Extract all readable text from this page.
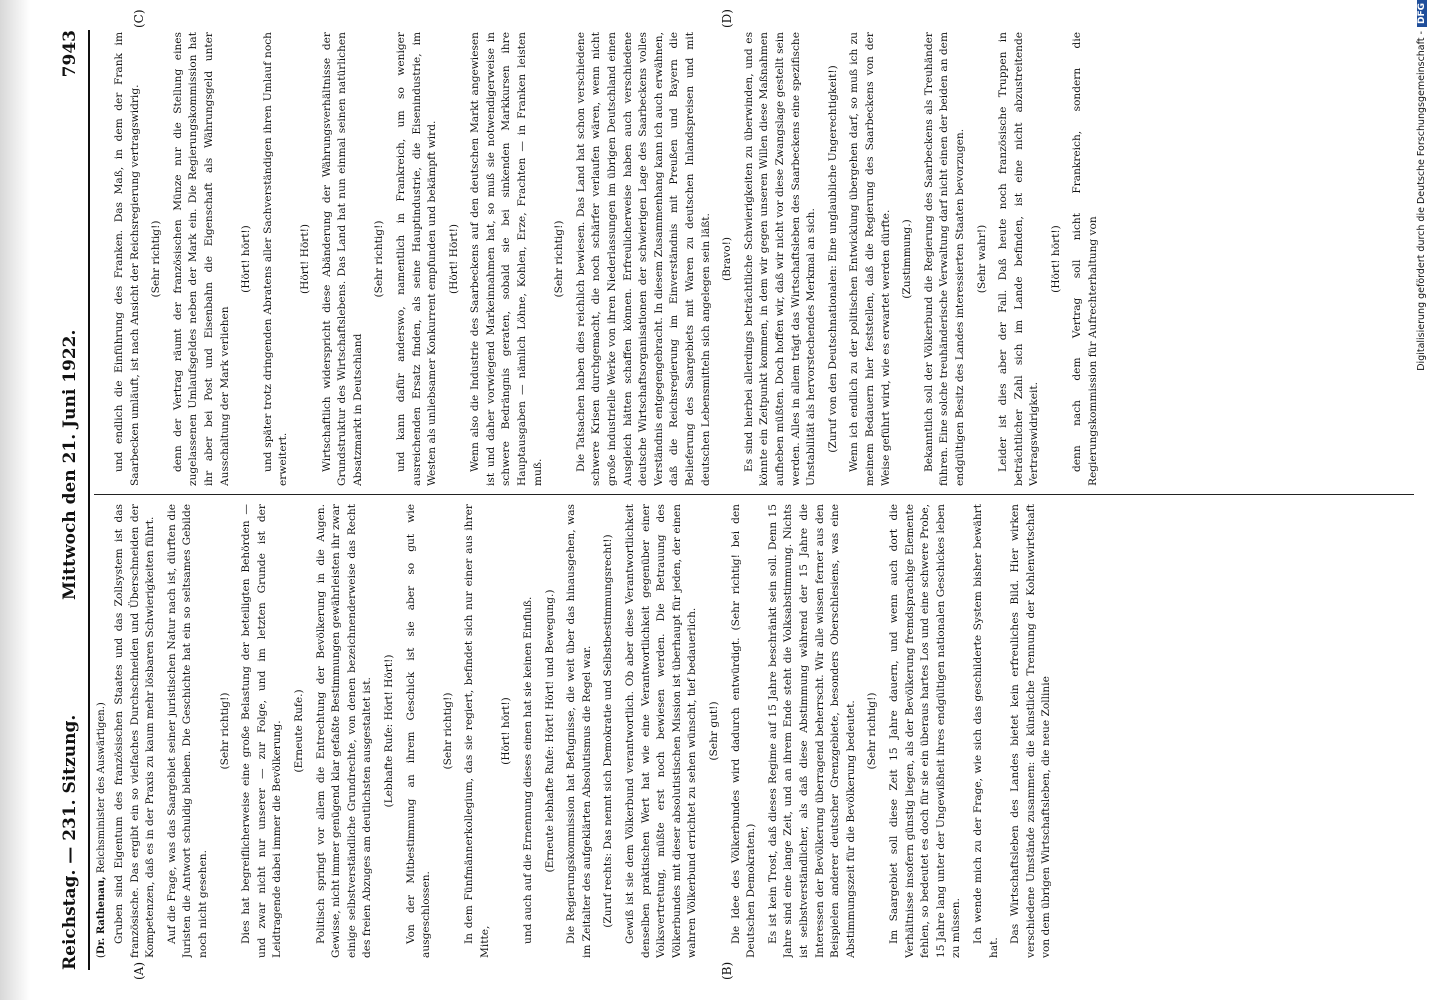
Reichstag. — 231. Sitzung.
Mittwoch den 21. Juni 1922.
7943
(Dr. Rathenau, Reichsminister des Auswärtigen.) Gruben sind Eigentum des französischen Staates und das Zollsystem ist das französische. Das ergibt ein so vielfaches Durchschneiden und Überschneiden der Kompetenzen, daß es in der Praxis zu kaum mehr lösbaren Schwierigkeiten führt. Auf die Frage, was das Saargebiet seiner juristischen Natur nach ist, dürften die Juristen die Antwort schuldig bleiben. Die Geschichte hat ein so seltsames Gebilde noch nicht gesehen.

(Sehr richtig!) Dies hat begreiflicherweise eine große Belastung der beteiligten Behörden — und zwar nicht nur unserer — zur Folge, und im letzten Grunde ist der Leidtragende dabei immer die Bevölkerung. (Erneute Rufe.) Politisch springt vor allem die Entrechtung der Bevölkerung in die Augen. Gewisse, nicht immer genügend klar gefaßte Bestimmungen gewährleisten ihr zwar einige selbstverständliche Grundrechte, von denen bezeichnenderweise das Recht des freien Abzuges am deutlichsten ausgestaltet ist. (Lebhafte Rufe: Hört! Hört!) Von der Mitbestimmung an ihrem Geschick ist sie aber so gut wie ausgeschlossen.

(Sehr richtig!) In dem Fünfmännerkollegium, das sie regiert, befindet sich nur einer aus ihrer Mitte,

(Hört! hört!) und auch auf die Ernennung dieses einen hat sie keinen Einfluß. (Erneute lebhafte Rufe: Hört! Hört! und Bewegung.) Die Regierungskommission hat Befugnisse, die weit über das hinausgehen, was im Zeitalter des aufgeklärten Absolutismus die Regel war. (Zuruf rechts: Das nennt sich Demokratie und Selbstbestimmungsrecht!) Gewiß ist sie dem Völkerbund verantwortlich. Ob aber diese Verantwortlichkeit denselben praktischen Wert hat wie eine Verantwortlichkeit gegenüber einer Volksvertretung, müßte erst noch bewiesen werden. Die Betrauung des Völkerbundes mit dieser absolutistischen Mission ist überhaupt für jeden, der einen wahren Völkerbund errichtet zu sehen wünscht, tief bedauerlich. (Sehr gut!) Die Idee des Völkerbundes wird dadurch entwürdigt. (Sehr richtig! bei den Deutschen Demokraten.) Es ist kein Trost, daß dieses Regime auf 15 Jahre beschränkt sein soll. Denn 15 Jahre sind eine lange Zeit, und an ihrem Ende steht die Volksabstimmung. Nichts ist selbstverständlicher, als daß diese Abstimmung während der 15 Jahre die Interessen der Bevölkerung überragend beherrscht. Wir alle wissen ferner aus den Beispielen anderer deutscher Grenzgebiete, besonders Oberschlesiens, was eine Abstimmungszeit für die Bevölkerung bedeutet. (Sehr richtig!) Im Saargebiet soll diese Zeit 15 Jahre dauern, und wenn auch dort die Verhältnisse insofern günstig liegen, als der Bevölkerung fremdsprachige Elemente fehlen, so bedeutet es doch für sie ein überaus hartes Los und eine schwere Probe, 15 Jahre lang unter der Ungewißheit ihres endgültigen nationalen Geschickes leben zu müssen. Ich wende mich zu der Frage, wie sich das geschilderte System bisher bewährt hat.

Das Wirtschaftsleben des Landes bietet kein erfreuliches Bild. Hier wirken verschiedene Umstände zusammen: die künstliche Trennung der Kohlenwirtschaft von dem übrigen Wirtschaftsleben, die neue Zollinie

und endlich die Einführung des Franken. Das Maß, in dem der Frank im Saarbecken umläuft, ist nach Ansicht der Reichsregierung vertragswidrig. (Sehr richtig!) denn der Vertrag räumt der französischen Münze nur die Stellung eines zugelassenen Umlaufsgeldes neben der Mark ein. Die Regierungskommission hat ihr aber bei Post und Eisenbahn die Eigenschaft als Währungsgeld unter Ausschaltung der Mark verliehen

(Hört! hört!) und später trotz dringenden Abratens aller Sachverständigen ihren Umlauf noch erweitert.

(Hört! Hört!) Wirtschaftlich widerspricht diese Abänderung der Währungsverhältnisse der Grundstruktur des Wirtschaftslebens. Das Land hat nun einmal seinen natürlichen Absatzmarkt in Deutschland

(Sehr richtig!) und kann dafür anderswo, namentlich in Frankreich, um so weniger ausreichenden Ersatz finden, als seine Hauptindustrie, die Eisenindustrie, im Westen als unliebsamer Konkurrent empfunden und bekämpft wird. (Hört! Hört!) Wenn also die Industrie des Saarbeckens auf den deutschen Markt angewiesen ist und daher vorwiegend Markeinnahmen hat, so muß sie notwendigerweise in schwere Bedrängnis geraten, sobald sie bei sinkenden Markkursen ihre Hauptausgaben — nämlich Löhne, Kohlen, Erze, Frachten — in Franken leisten muß.

(Sehr richtig!) Die Tatsachen haben dies reichlich bewiesen. Das Land hat schon verschiedene schwere Krisen durchgemacht, die noch schärfer verlaufen wären, wenn nicht große industrielle Werke von ihren Niederlassungen im übrigen Deutschland einen Ausgleich hätten schaffen können. Erfreulicherweise haben auch verschiedene deutsche Wirtschaftsorganisationen der schwierigen Lage des Saarbeckens volles Verständnis entgegengebracht. In diesem Zusammenhang kann ich auch erwähnen, daß die Reichsregierung im Einverständnis mit Preußen und Bayern die Belieferung des Saargebiets mit Waren zu deutschen Inlandspreisen und mit deutschen Lebensmitteln sich angelegen sein läßt. (Bravo!) Es sind hierbei allerdings beträchtliche Schwierigkeiten zu überwinden, und es könnte ein Zeitpunkt kommen, in dem wir gegen unseren Willen diese Maßnahmen aufheben müßten. Doch hoffen wir, daß wir nicht vor diese Zwangslage gestellt sein werden. Alles in allem trägt das Wirtschaftsleben des Saarbeckens eine spezifische Unstabilität als hervorstechendes Merkmal an sich. (Zuruf von den Deutschnationalen: Eine unglaubliche Ungerechtigkeit!) Wenn ich endlich zu der politischen Entwicklung übergehen darf, so muß ich zu meinem Bedauern hier feststellen, daß die Regierung des Saarbeckens von der Weise geführt wird, wie es erwartet werden dürfte. (Zustimmung.) Bekanntlich soll der Völkerbund die Regierung des Saarbeckens als Treuhänder führen. Eine solche treuhänderische Verwaltung darf nicht einen der beiden an dem endgültigen Besitz des Landes interessierten Staaten bevorzugen. (Sehr wahr!) Leider ist dies aber der Fall. Daß heute noch französische Truppen in beträchtlicher Zahl sich im Lande befinden, ist eine nicht abzustreitende Vertragswidrigkeit.

(Hört! hört!) denn nach dem Vertrag soll nicht Frankreich, sondern die Regierungskommission für Aufrechterhaltung von

(A)	(B)
(C)	(D)
Digitalisierung gefördert durch die Deutsche Forschungsgemeinschaft -DFG
